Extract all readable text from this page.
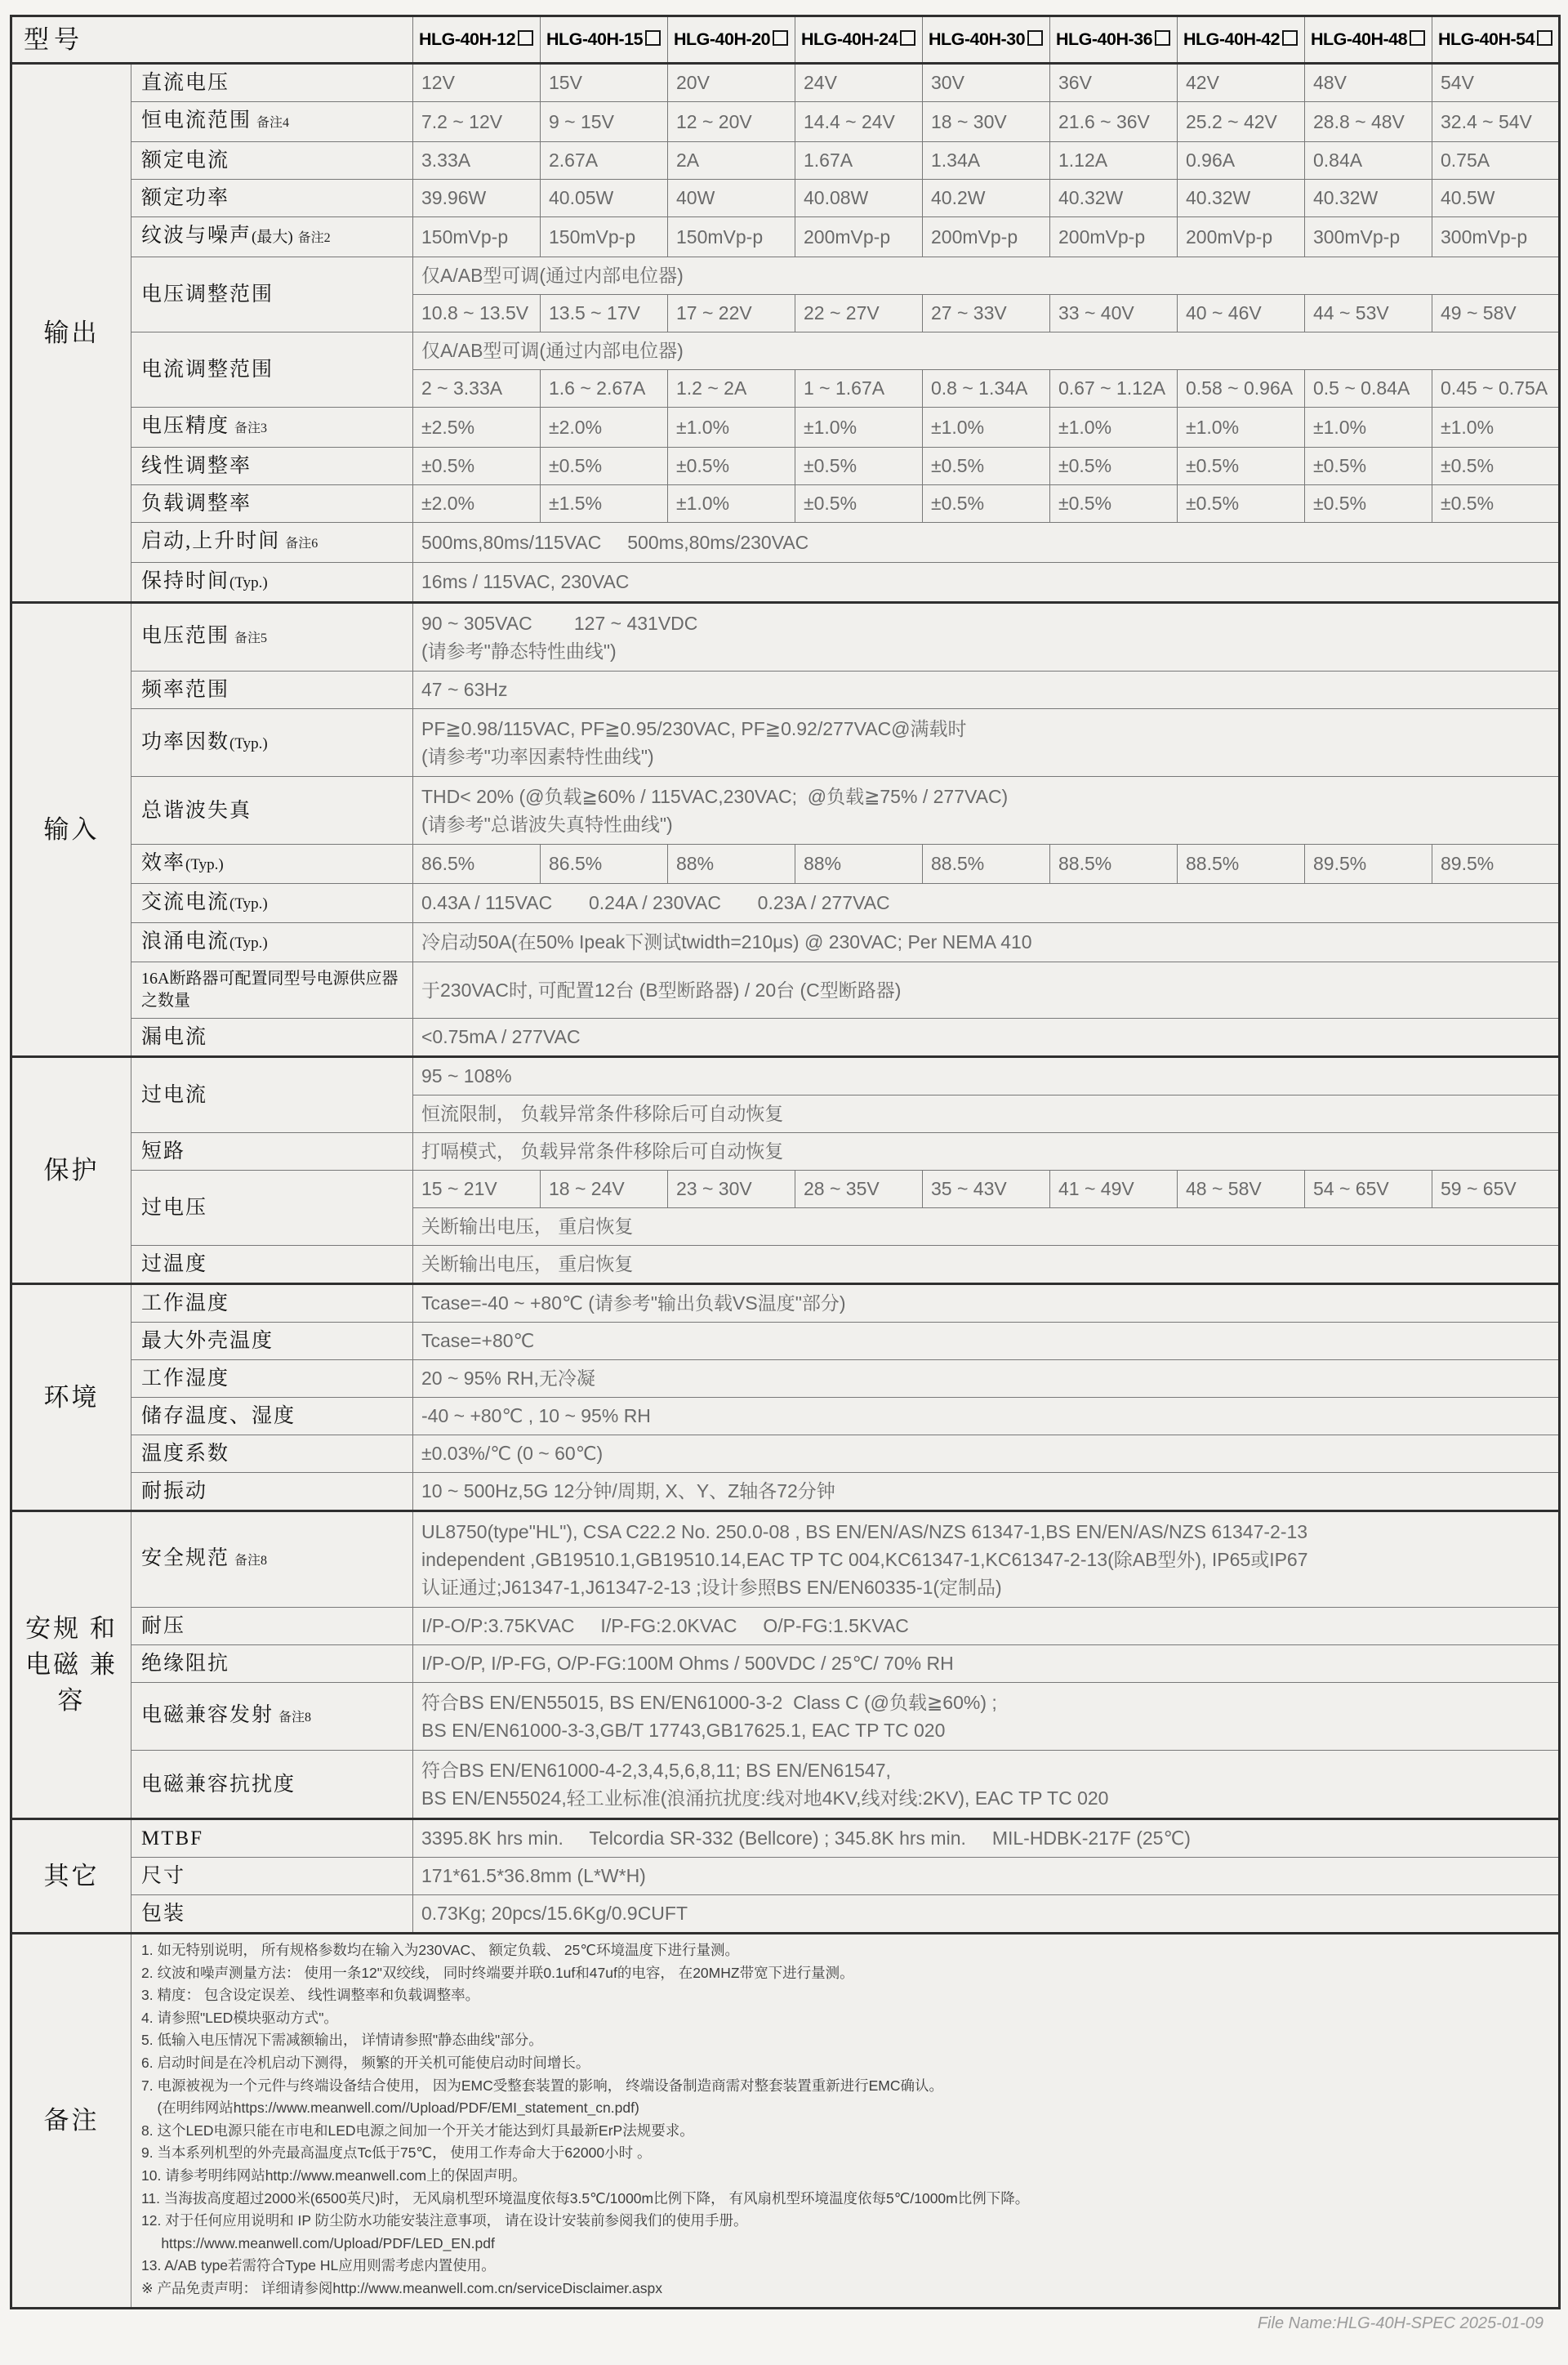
型号		HLG-40H-12	HLG-40H-15	HLG-40H-20	HLG-40H-24	HLG-40H-30	HLG-40H-36	HLG-40H-42	HLG-40H-48	HLG-40H-54
输出	直流电压	12V	15V	20V	24V	30V	36V	42V	48V	54V
	恒电流范围 备注4	7.2 ~ 12V	9 ~ 15V	12 ~ 20V	14.4 ~ 24V	18 ~ 30V	21.6 ~ 36V	25.2 ~ 42V	28.8 ~ 48V	32.4 ~ 54V
	额定电流	3.33A	2.67A	2A	1.67A	1.34A	1.12A	0.96A	0.84A	0.75A
	额定功率	39.96W	40.05W	40W	40.08W	40.2W	40.32W	40.32W	40.32W	40.5W
	纹波与噪声(最大) 备注2	150mVp-p	150mVp-p	150mVp-p	200mVp-p	200mVp-p	200mVp-p	200mVp-p	300mVp-p	300mVp-p
	电压调整范围	仅A/AB型可调(通过内部电位器)								
		10.8 ~ 13.5V	13.5 ~ 17V	17 ~ 22V	22 ~ 27V	27 ~ 33V	33 ~ 40V	40 ~ 46V	44 ~ 53V	49 ~ 58V
	电流调整范围	仅A/AB型可调(通过内部电位器)								
		2 ~ 3.33A	1.6 ~ 2.67A	1.2 ~ 2A	1 ~ 1.67A	0.8 ~ 1.34A	0.67 ~ 1.12A	0.58 ~ 0.96A	0.5 ~ 0.84A	0.45 ~ 0.75A
	电压精度 备注3	±2.5%	±2.0%	±1.0%	±1.0%	±1.0%	±1.0%	±1.0%	±1.0%	±1.0%
	线性调整率	±0.5%	±0.5%	±0.5%	±0.5%	±0.5%	±0.5%	±0.5%	±0.5%	±0.5%
	负载调整率	±2.0%	±1.5%	±1.0%	±0.5%	±0.5%	±0.5%	±0.5%	±0.5%	±0.5%
	启动,上升时间 备注6	500ms,80ms/115VAC     500ms,80ms/230VAC								
	保持时间(Typ.)	16ms / 115VAC, 230VAC								
输入	电压范围 备注5	90 ~ 305VAC        127 ~ 431VDC
(请参考"静态特性曲线")								

	频率范围	47 ~ 63Hz								
	功率因数(Typ.)	PF≧0.98/115VAC, PF≧0.95/230VAC, PF≧0.92/277VAC@满载时
(请参考"功率因素特性曲线")								

	总谐波失真	THD< 20% (@负载≧60% / 115VAC,230VAC;  @负载≧75% / 277VAC)
(请参考"总谐波失真特性曲线")								

	效率(Typ.)	86.5%	86.5%	88%	88%	88.5%	88.5%	88.5%	89.5%	89.5%
	交流电流(Typ.)	0.43A / 115VAC       0.24A / 230VAC       0.23A / 277VAC								
	浪涌电流(Typ.)	冷启动50A(在50% Ipeak下测试twidth=210μs) @ 230VAC; Per NEMA 410								
	16A断路器可配置同型号电源供应器之数量	于230VAC时, 可配置12台 (B型断路器) / 20台 (C型断路器)								
	漏电流	<0.75mA / 277VAC								
保护	过电流	95 ~ 108%								
		恒流限制， 负载异常条件移除后可自动恢复								
	短路	打嗝模式， 负载异常条件移除后可自动恢复								
	过电压	15 ~ 21V	18 ~ 24V	23 ~ 30V	28 ~ 35V	35 ~ 43V	41 ~ 49V	48 ~ 58V	54 ~ 65V	59 ~ 65V
		关断输出电压， 重启恢复								
	过温度	关断输出电压， 重启恢复								
环境	工作温度	Tcase=-40 ~ +80℃ (请参考"输出负载VS温度"部分)								
	最大外壳温度	Tcase=+80℃								
	工作湿度	20 ~ 95% RH,无冷凝								
	储存温度、湿度	-40 ~ +80℃ , 10 ~ 95% RH								
	温度系数	±0.03%/℃ (0 ~ 60℃)								
	耐振动	10 ~ 500Hz,5G 12分钟/周期, X、Y、Z轴各72分钟								
安规 和 电磁 兼容	安全规范 备注8	UL8750(type"HL"), CSA C22.2 No. 250.0-08 , BS EN/EN/AS/NZS 61347-1,BS EN/EN/AS/NZS 61347-2-13
independent ,GB19510.1,GB19510.14,EAC TP TC 004,KC61347-1,KC61347-2-13(除AB型外), IP65或IP67
认证通过;J61347-1,J61347-2-13 ;设计参照BS EN/EN60335-1(定制品)								

	耐压	I/P-O/P:3.75KVAC     I/P-FG:2.0KVAC     O/P-FG:1.5KVAC								
	绝缘阻抗	I/P-O/P, I/P-FG, O/P-FG:100M Ohms / 500VDC / 25℃/ 70% RH								
	电磁兼容发射 备注8	符合BS EN/EN55015, BS EN/EN61000-3-2  Class C (@负载≧60%) ;
BS EN/EN61000-3-3,GB/T 17743,GB17625.1, EAC TP TC 020								

	电磁兼容抗扰度	符合BS EN/EN61000-4-2,3,4,5,6,8,11; BS EN/EN61547,
BS EN/EN55024,轻工业标准(浪涌抗扰度:线对地4KV,线对线:2KV), EAC TP TC 020								

其它	MTBF	3395.8K hrs min.     Telcordia SR-332 (Bellcore) ; 345.8K hrs min.     MIL-HDBK-217F (25℃)								
	尺寸	171*61.5*36.8mm (L*W*H)								
	包装	0.73Kg; 20pcs/15.6Kg/0.9CUFT								
备注	
1. 如无特别说明， 所有规格参数均在输入为230VAC、 额定负载、 25℃环境温度下进行量测。
2. 纹波和噪声测量方法： 使用一条12"双绞线， 同时终端要并联0.1uf和47uf的电容， 在20MHZ带宽下进行量测。
3. 精度： 包含设定误差、 线性调整率和负载调整率。
4. 请参照"LED模块驱动方式"。
5. 低输入电压情况下需减额输出， 详情请参照"静态曲线"部分。
6. 启动时间是在冷机启动下测得， 频繁的开关机可能使启动时间增长。
7. 电源被视为一个元件与终端设备结合使用， 因为EMC受整套装置的影响， 终端设备制造商需对整套装置重新进行EMC确认。
(在明纬网站https://www.meanwell.com//Upload/PDF/EMI_statement_cn.pdf)
8. 这个LED电源只能在市电和LED电源之间加一个开关才能达到灯具最新ErP法规要求。
9. 当本系列机型的外壳最高温度点Tc低于75℃， 使用工作寿命大于62000小时 。
10. 请参考明纬网站http://www.meanwell.com上的保固声明。
11. 当海拔高度超过2000米(6500英尺)时， 无风扇机型环境温度依每3.5℃/1000m比例下降， 有风扇机型环境温度依每5℃/1000m比例下降。
12. 对于任何应用说明和 IP 防尘防水功能安装注意事项， 请在设计安装前参阅我们的使用手册。
https://www.meanwell.com/Upload/PDF/LED_EN.pdf
13. A/AB type若需符合Type HL应用则需考虑内置使用。
※ 产品免责声明： 详细请参阅http://www.meanwell.com.cn/serviceDisclaimer.aspx
File Name:HLG-40H-SPEC 2025-01-09
